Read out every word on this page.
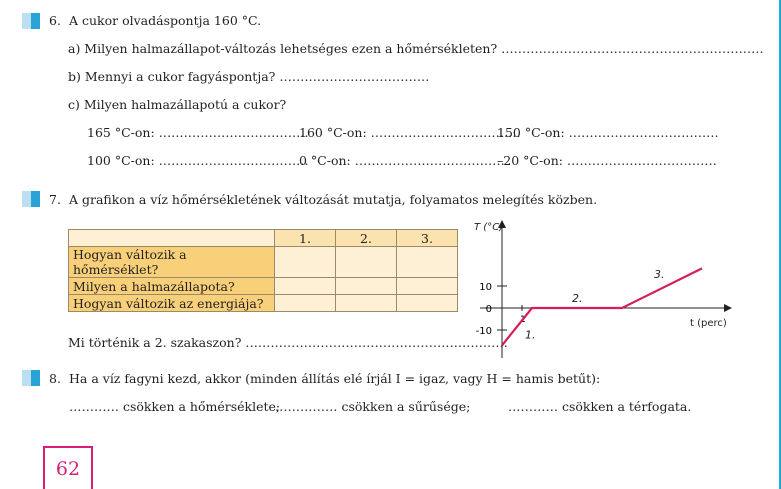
6. A cukor olvadáspontja 160 °C.
a) Milyen halmazállapot-változás lehetséges ezen a hőmérsékleten? ………………………………………………………
b) Mennyi a cukor fagyáspontja? ………………………………
c) Milyen halmazállapotú a cukor?
165 °C-on: ………………………………
160 °C-on: ………………………………
150 °C-on: ………………………………
100 °C-on: ………………………………
0 °C-on: ………………………………
–20 °C-on: ………………………………
7. A grafikon a víz hőmérsékletének változását mutatja, folyamatos melegítés közben.
	1.	2.	3.
Hogyan változik a hőmérséklet?			
Milyen a halmazállapota?			
Hogyan változik az energiája?			
Mi történik a 2. szakaszon? ………………………………………………………
T (°C)
t (perc)
10
0
-10
1
1.
2.
3.
8. Ha a víz fagyni kezd, akkor (minden állítás elé írjál I = igaz, vagy H = hamis betűt):
………… csökken a hőmérséklete;
…………… csökken a sűrűsége;	………… csökken a térfogata.
62
